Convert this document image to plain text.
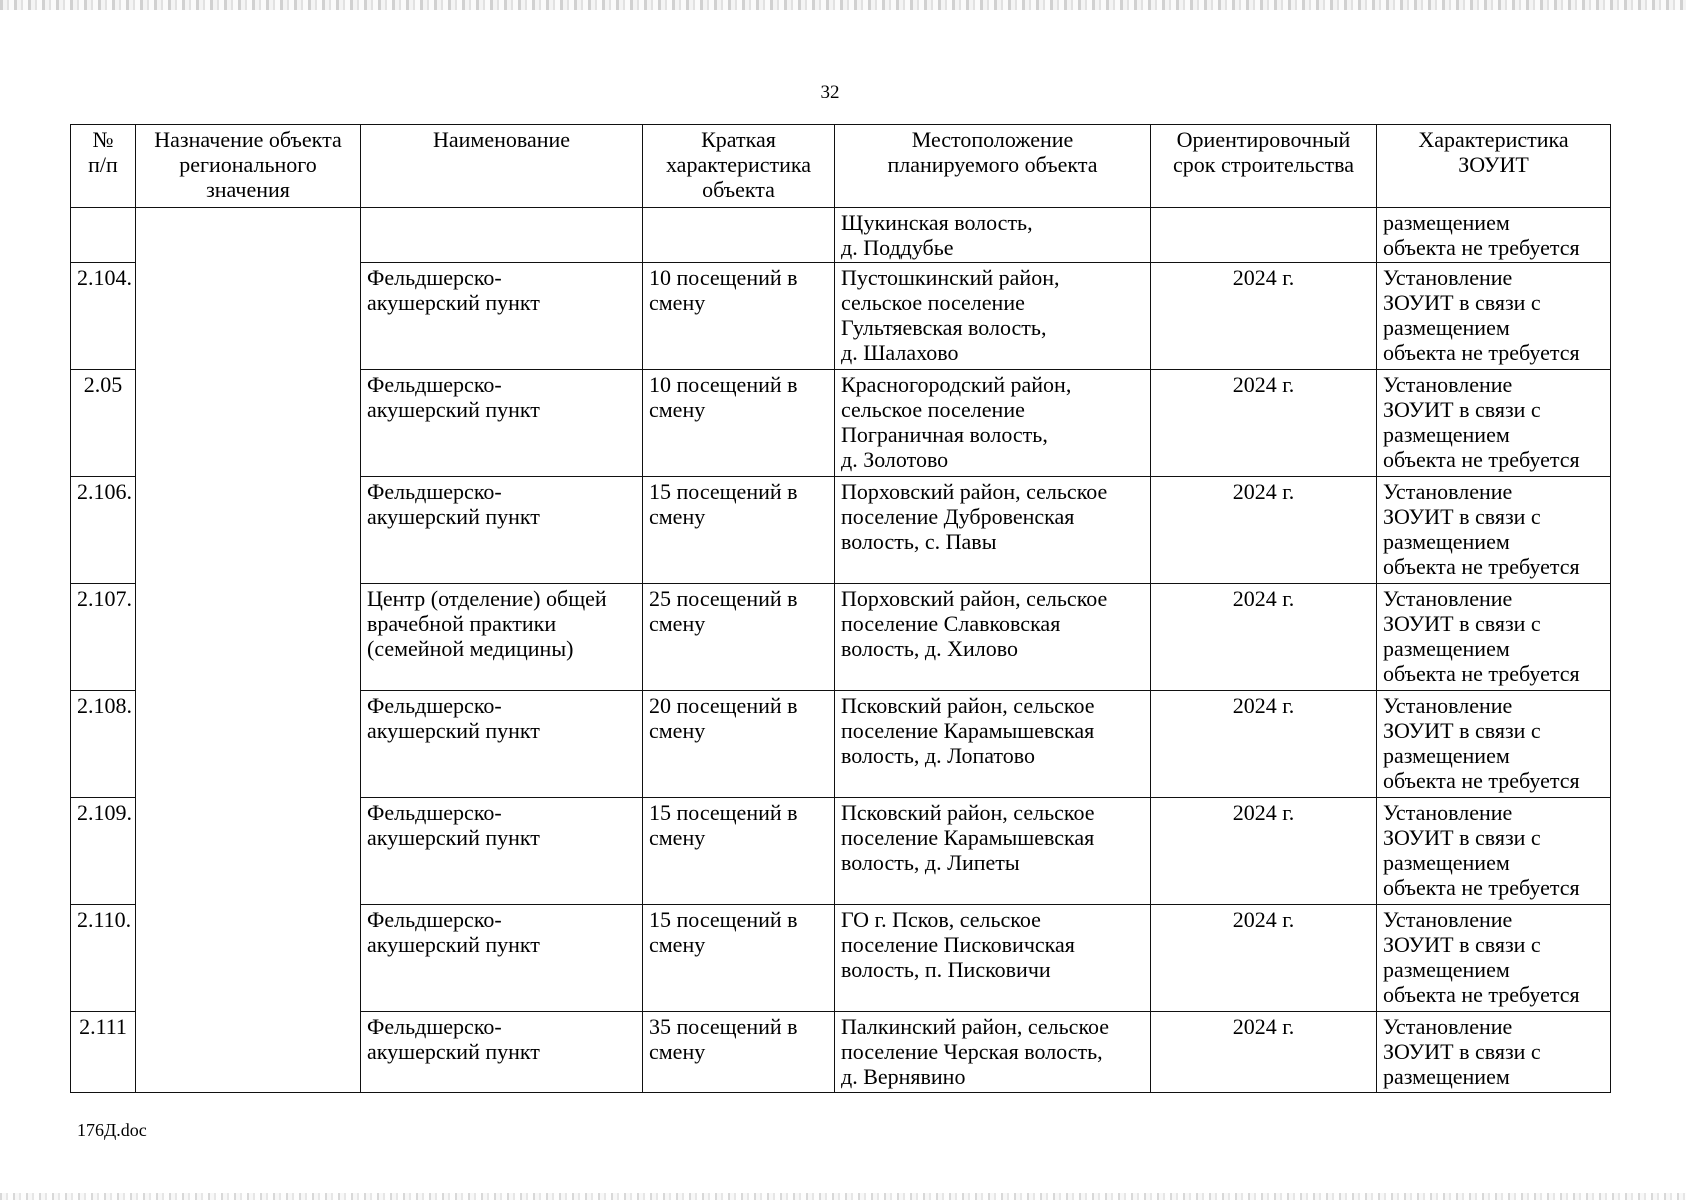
32
№
п/п	Назначение объекта
регионального
значения	Наименование	Краткая
характеристика
объекта	Местоположение
планируемого объекта	Ориентировочный
срок строительства	Характеристика
ЗОУИТ
				Щукинская волость,
д. Поддубье		размещением
объекта не требуется
2.104.		Фельдшерско-
акушерский пункт	10 посещений в
смену	Пустошкинский район,
сельское поселение
Гультяевская волость,
д. Шалахово	2024 г.	Установление
ЗОУИТ в связи с
размещением
объекта не требуется
2.05		Фельдшерско-
акушерский пункт	10 посещений в
смену	Красногородский район,
сельское поселение
Пограничная волость,
д. Золотово	2024 г.	Установление
ЗОУИТ в связи с
размещением
объекта не требуется
2.106.		Фельдшерско-
акушерский пункт	15 посещений в
смену	Порховский район, сельское
поселение Дубровенская
волость, с. Павы	2024 г.	Установление
ЗОУИТ в связи с
размещением
объекта не требуется
2.107.		Центр (отделение) общей
врачебной практики
(семейной медицины)	25 посещений в
смену	Порховский район, сельское
поселение Славковская
волость, д. Хилово	2024 г.	Установление
ЗОУИТ в связи с
размещением
объекта не требуется
2.108.		Фельдшерско-
акушерский пункт	20 посещений в
смену	Псковский район, сельское
поселение Карамышевская
волость, д. Лопатово	2024 г.	Установление
ЗОУИТ в связи с
размещением
объекта не требуется
2.109.		Фельдшерско-
акушерский пункт	15 посещений в
смену	Псковский район, сельское
поселение Карамышевская
волость, д. Липеты	2024 г.	Установление
ЗОУИТ в связи с
размещением
объекта не требуется
2.110.		Фельдшерско-
акушерский пункт	15 посещений в
смену	ГО г. Псков, сельское
поселение Писковичская
волость, п. Писковичи	2024 г.	Установление
ЗОУИТ в связи с
размещением
объекта не требуется
2.111		Фельдшерско-
акушерский пункт	35 посещений в
смену	Палкинский район, сельское
поселение Черская волость,
д. Вернявино	2024 г.	Установление
ЗОУИТ в связи с
размещением
176Д.doc
